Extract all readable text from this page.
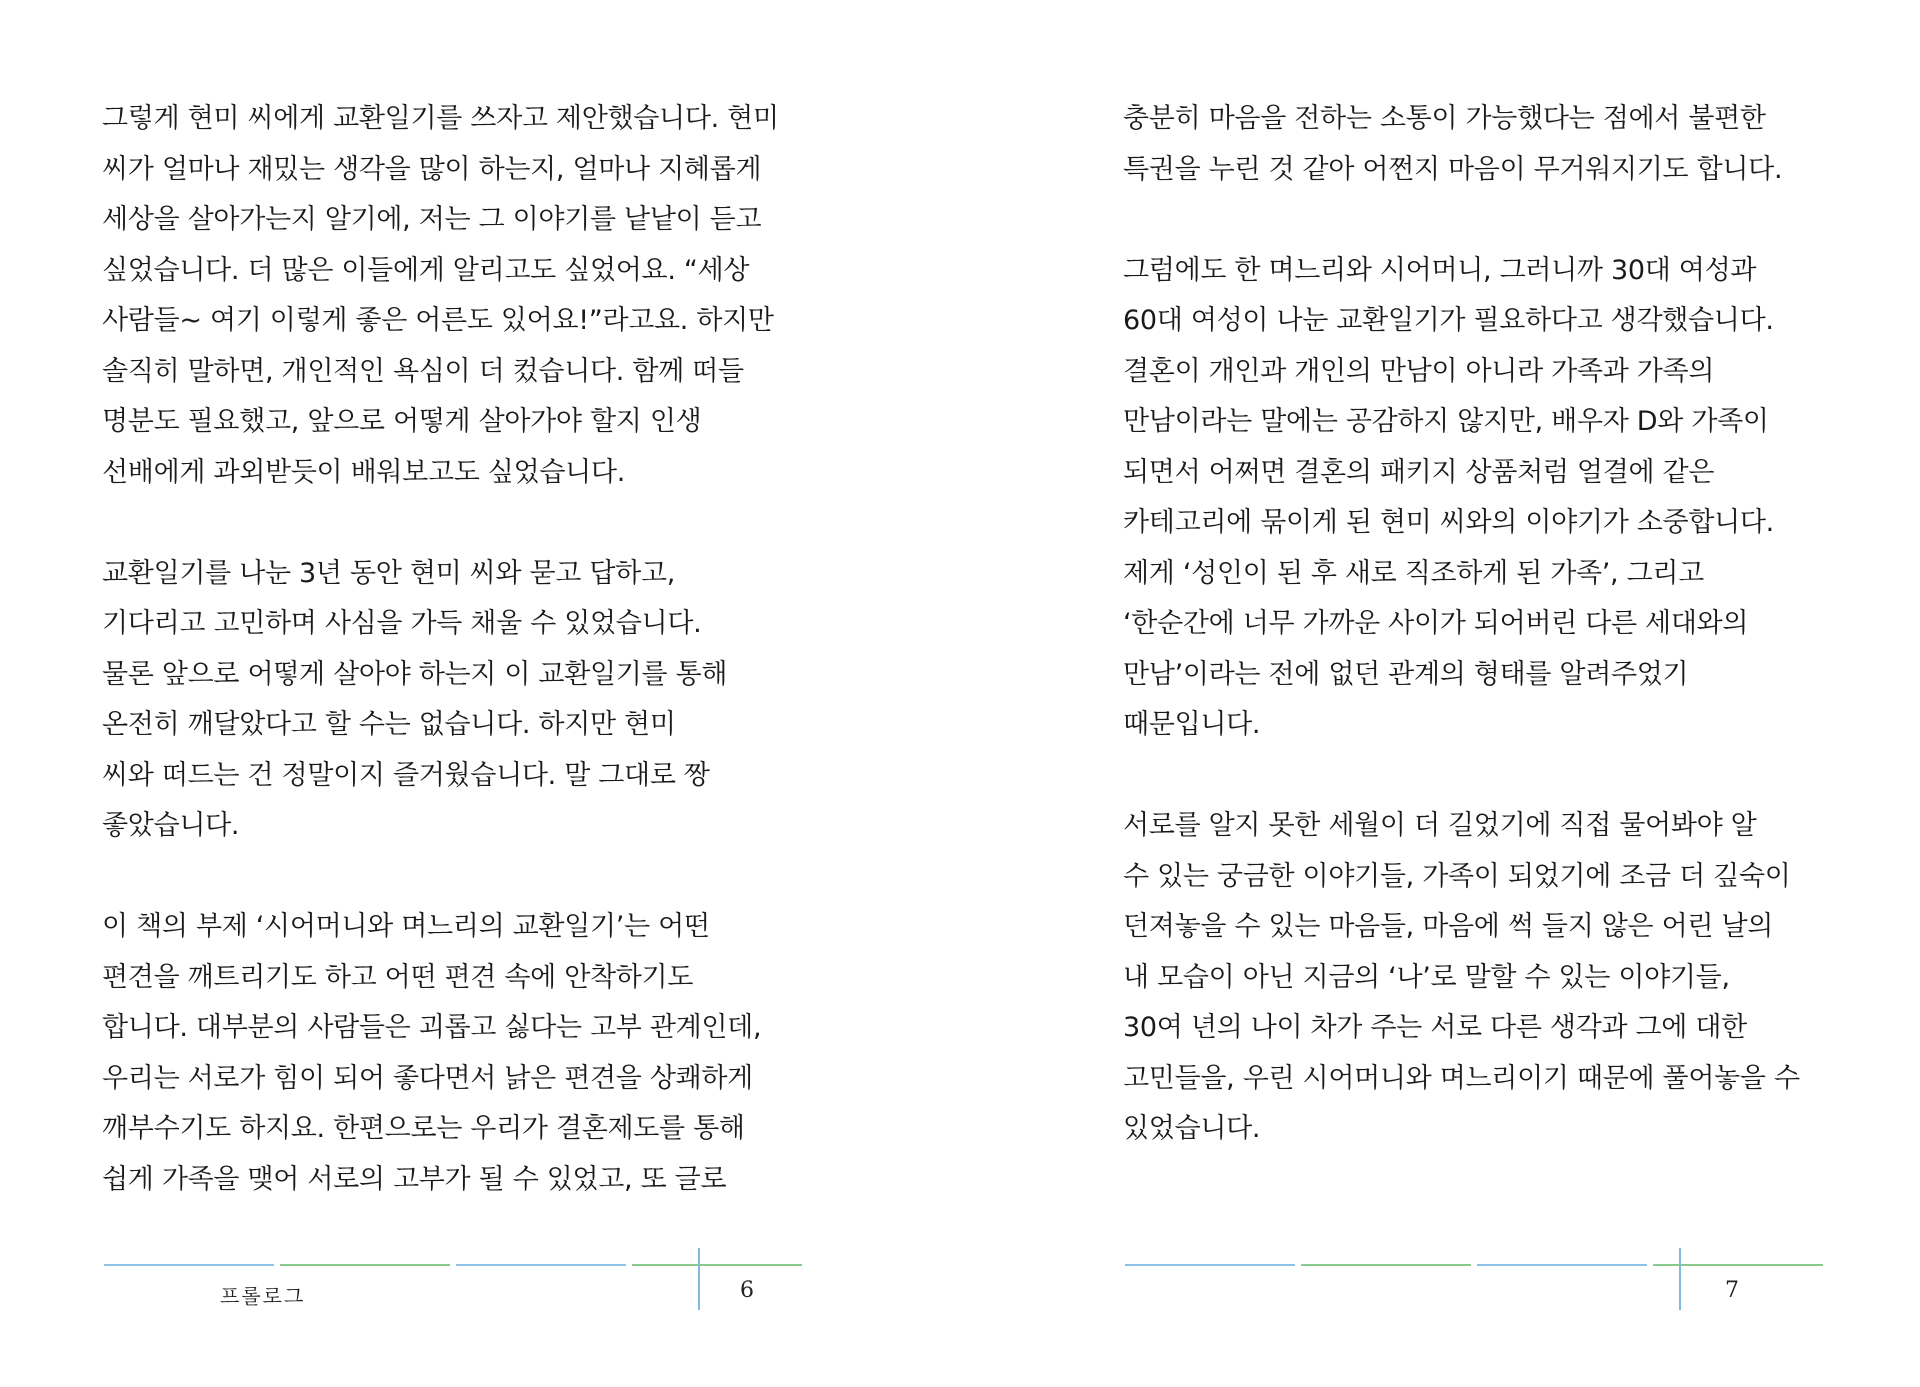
그렇게 현미 씨에게 교환일기를 쓰자고 제안했습니다. 현미
씨가 얼마나 재밌는 생각을 많이 하는지, 얼마나 지혜롭게
세상을 살아가는지 알기에, 저는 그 이야기를 낱낱이 듣고
싶었습니다. 더 많은 이들에게 알리고도 싶었어요. “세상
사람들~ 여기 이렇게 좋은 어른도 있어요!”라고요. 하지만
솔직히 말하면, 개인적인 욕심이 더 컸습니다. 함께 떠들
명분도 필요했고, 앞으로 어떻게 살아가야 할지 인생
선배에게 과외받듯이 배워보고도 싶었습니다.
교환일기를 나눈 3년 동안 현미 씨와 묻고 답하고,
기다리고 고민하며 사심을 가득 채울 수 있었습니다.
물론 앞으로 어떻게 살아야 하는지 이 교환일기를 통해
온전히 깨달았다고 할 수는 없습니다. 하지만 현미
씨와 떠드는 건 정말이지 즐거웠습니다. 말 그대로 짱
좋았습니다.
이 책의 부제 ‘시어머니와 며느리의 교환일기’는 어떤
편견을 깨트리기도 하고 어떤 편견 속에 안착하기도
합니다. 대부분의 사람들은 괴롭고 싫다는 고부 관계인데,
우리는 서로가 힘이 되어 좋다면서 낡은 편견을 상쾌하게
깨부수기도 하지요. 한편으로는 우리가 결혼제도를 통해
쉽게 가족을 맺어 서로의 고부가 될 수 있었고, 또 글로
프롤로그	6
충분히 마음을 전하는 소통이 가능했다는 점에서 불편한
특권을 누린 것 같아 어쩐지 마음이 무거워지기도 합니다.
그럼에도 한 며느리와 시어머니, 그러니까 30대 여성과
60대 여성이 나눈 교환일기가 필요하다고 생각했습니다.
결혼이 개인과 개인의 만남이 아니라 가족과 가족의
만남이라는 말에는 공감하지 않지만, 배우자 D와 가족이
되면서 어쩌면 결혼의 패키지 상품처럼 얼결에 같은
카테고리에 묶이게 된 현미 씨와의 이야기가 소중합니다.
제게 ‘성인이 된 후 새로 직조하게 된 가족’, 그리고
‘한순간에 너무 가까운 사이가 되어버린 다른 세대와의
만남’이라는 전에 없던 관계의 형태를 알려주었기
때문입니다.
서로를 알지 못한 세월이 더 길었기에 직접 물어봐야 알
수 있는 궁금한 이야기들, 가족이 되었기에 조금 더 깊숙이
던져놓을 수 있는 마음들, 마음에 썩 들지 않은 어린 날의
내 모습이 아닌 지금의 ‘나’로 말할 수 있는 이야기들,
30여 년의 나이 차가 주는 서로 다른 생각과 그에 대한
고민들을, 우린 시어머니와 며느리이기 때문에 풀어놓을 수
있었습니다.
7
